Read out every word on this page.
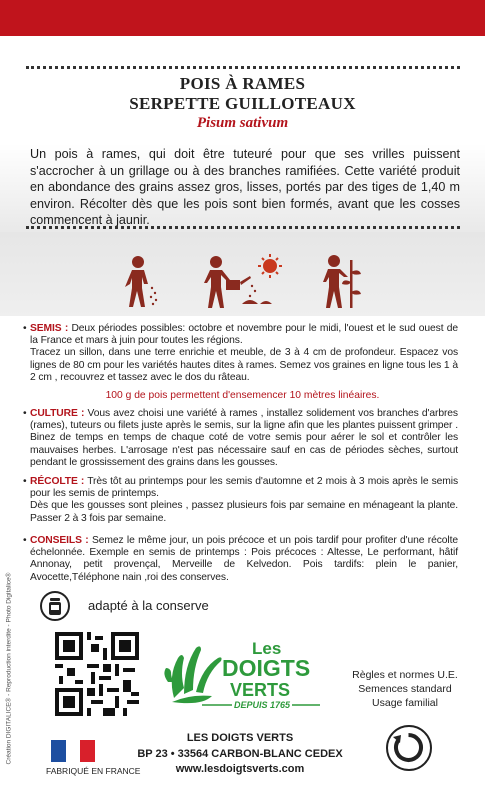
POIS À RAMES
SERPETTE GUILLOTEAUX
Pisum sativum
Un pois à rames, qui doit être tuteuré pour que ses vrilles puissent s'accrocher à un grillage ou à des branches ramifiées. Cette variété produit en abondance des grains assez gros, lisses, portés par des tiges de 1,40 m environ. Récolter dès que les pois sont bien formés, avant que les cosses commencent à jaunir.
• SEMIS : Deux périodes possibles: octobre et novembre pour le midi, l'ouest et le sud ouest de la France et mars à juin pour toutes les régions.
Tracez un sillon, dans une terre enrichie et meuble, de 3 à 4 cm de profondeur. Espacez vos lignes de 80 cm pour les variétés hautes dites à rames. Semez vos graines en ligne tous les 1 à 2 cm , recouvrez et tassez avec le dos du râteau.
100 g de pois permettent d'ensemencer 10 mètres linéaires.
• CULTURE : Vous avez choisi une variété à rames , installez solidement vos branches d'arbres (rames), tuteurs ou filets juste après le semis, sur la ligne afin que les plantes puissent grimper . Binez de temps en temps de chaque coté de votre semis pour aérer le sol et contrôler les mauvaises herbes. L'arrosage n'est pas nécessaire sauf en cas de périodes sèches, surtout pendant le grossissement des grains dans les gousses.
• RÉCOLTE : Très tôt au printemps pour les semis d'automne et 2 mois à 3 mois après le semis pour les semis de printemps.
Dès que les gousses sont pleines , passez plusieurs fois par semaine en ménageant la plante. Passer 2 à 3 fois par semaine.
• CONSEILS : Semez le même jour, un pois précoce et un pois tardif pour profiter d'une récolte échelonnée. Exemple en semis de printemps : Pois précoces : Altesse, Le performant, hâtif Annonay, petit provençal, Merveille de Kelvedon. Pois tardifs: plein le panier, Avocette,Téléphone nain ,roi des conserves.
adapté à la conserve
Création DIGITALICE® - Reproduction interdite - Photo Digitalice®	Les
DOIGTS
VERTS
DEPUIS 1765
Règles et normes U.E.
Semences standard
Usage familial
FABRIQUÉ EN FRANCE
LES DOIGTS VERTS
BP 23 • 33564 CARBON-BLANC CEDEX
www.lesdoigtsverts.com
